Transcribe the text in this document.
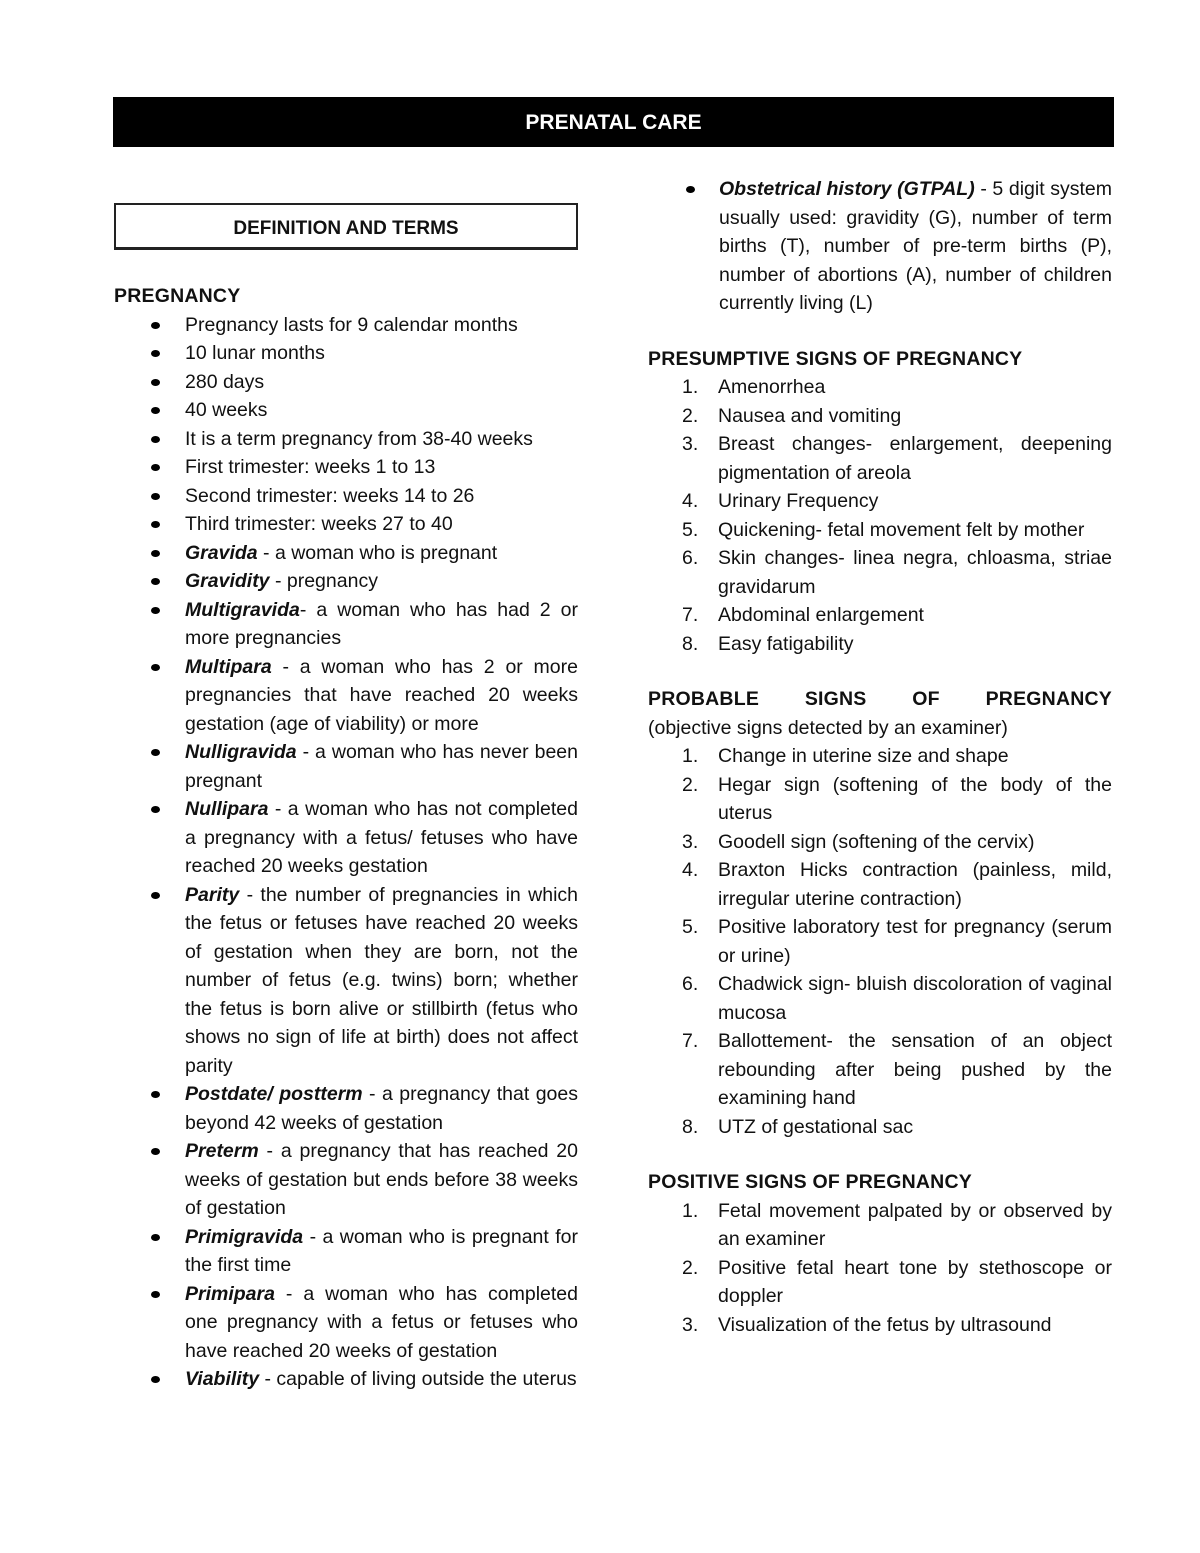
PRENATAL CARE
DEFINITION AND TERMS
PREGNANCY
Pregnancy lasts for 9 calendar months
10 lunar months
280 days
40 weeks
It is a term pregnancy from 38-40 weeks
First trimester: weeks 1 to 13
Second trimester: weeks 14 to 26
Third trimester: weeks 27 to 40
Gravida - a woman who is pregnant
Gravidity - pregnancy
Multigravida- a woman who has had 2 or more pregnancies
Multipara - a woman who has 2 or more pregnancies that have reached 20 weeks gestation (age of viability) or more
Nulligravida - a woman who has never been pregnant
Nullipara - a woman who has not completed a pregnancy with a fetus/ fetuses who have reached 20 weeks gestation
Parity - the number of pregnancies in which the fetus or fetuses have reached 20 weeks of gestation when they are born, not the number of fetus (e.g. twins) born; whether the fetus is born alive or stillbirth (fetus who shows no sign of life at birth) does not affect parity
Postdate/ postterm - a pregnancy that goes beyond 42 weeks of gestation
Preterm - a pregnancy that has reached 20 weeks of gestation but ends before 38 weeks of gestation
Primigravida - a woman who is pregnant for the first time
Primipara - a woman who has completed one pregnancy with a fetus or fetuses who have reached 20 weeks of gestation
Viability - capable of living outside the uterus
Obstetrical history (GTPAL) - 5 digit system usually used: gravidity (G), number of term births (T), number of pre-term births (P), number of abortions (A), number of children currently living (L)
PRESUMPTIVE SIGNS OF PREGNANCY
1. Amenorrhea
2. Nausea and vomiting
3. Breast changes- enlargement, deepening pigmentation of areola
4. Urinary Frequency
5. Quickening- fetal movement felt by mother
6. Skin changes- linea negra, chloasma, striae gravidarum
7. Abdominal enlargement
8. Easy fatigability
PROBABLE SIGNS OF PREGNANCY
(objective signs detected by an examiner)
1. Change in uterine size and shape
2. Hegar sign (softening of the body of the uterus
3. Goodell sign (softening of the cervix)
4. Braxton Hicks contraction (painless, mild, irregular uterine contraction)
5. Positive laboratory test for pregnancy (serum or urine)
6. Chadwick sign- bluish discoloration of vaginal mucosa
7. Ballottement- the sensation of an object rebounding after being pushed by the examining hand
8. UTZ of gestational sac
POSITIVE SIGNS OF PREGNANCY
1. Fetal movement palpated by or observed by an examiner
2. Positive fetal heart tone by stethoscope or doppler
3. Visualization of the fetus by ultrasound
